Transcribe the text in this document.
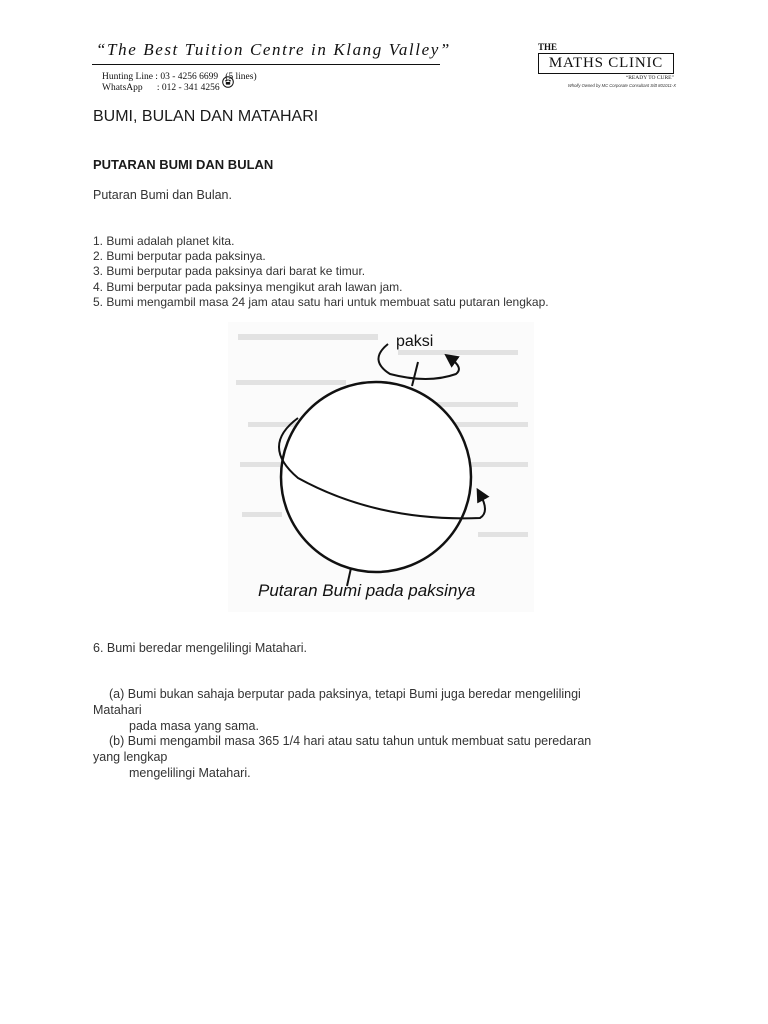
“The Best Tuition Centre in Klang Valley”
Hunting Line : 03 - 4256 6699   (5 lines)
WhatsApp      : 012 - 341 4256
THE
MATHS CLINIC
“READY TO CURE”
Wholly Owned by MC Corporate Consultant S/B 801011-X
BUMI, BULAN DAN MATAHARI
PUTARAN BUMI DAN BULAN
Putaran Bumi dan Bulan.
1. Bumi adalah planet kita.
2. Bumi berputar pada paksinya.
3. Bumi berputar pada paksinya dari barat ke timur.
4. Bumi berputar pada paksinya mengikut arah lawan jam.
5. Bumi mengambil masa 24 jam atau satu hari untuk membuat satu putaran lengkap.
paksi
Putaran Bumi pada paksinya
6. Bumi beredar mengelilingi Matahari.
(a) Bumi bukan sahaja berputar pada paksinya, tetapi Bumi juga beredar mengelilingi
Matahari
pada masa yang sama.
(b) Bumi mengambil masa 365 1/4 hari atau satu tahun untuk membuat satu peredaran
yang lengkap
mengelilingi Matahari.
